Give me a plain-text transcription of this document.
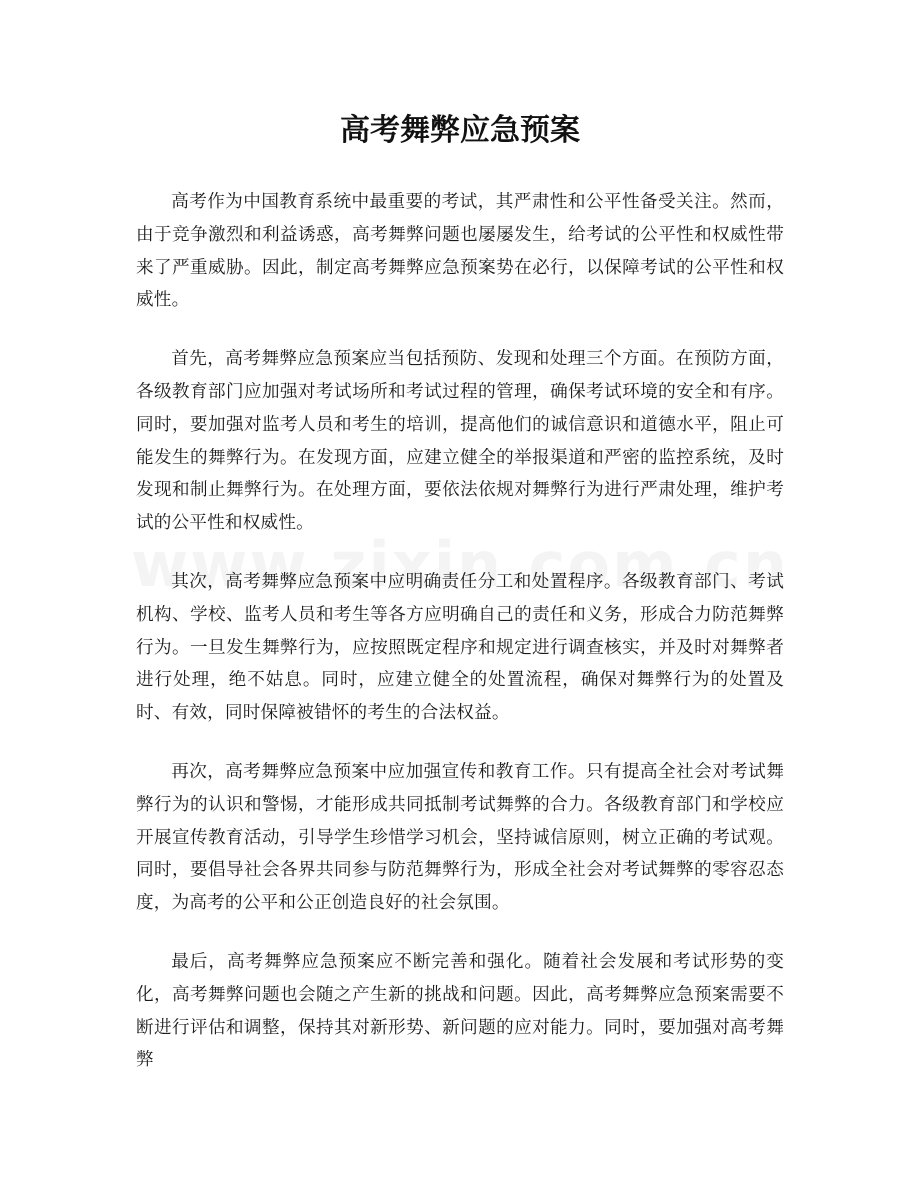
高考舞弊应急预案

高考作为中国教育系统中最重要的考试，其严肃性和公平性备受关注。然而，由于竞争激烈和利益诱惑，高考舞弊问题也屡屡发生，给考试的公平性和权威性带来了严重威胁。因此，制定高考舞弊应急预案势在必行，以保障考试的公平性和权威性。

首先，高考舞弊应急预案应当包括预防、发现和处理三个方面。在预防方面，各级教育部门应加强对考试场所和考试过程的管理，确保考试环境的安全和有序。同时，要加强对监考人员和考生的培训，提高他们的诚信意识和道德水平，阻止可能发生的舞弊行为。在发现方面，应建立健全的举报渠道和严密的监控系统，及时发现和制止舞弊行为。在处理方面，要依法依规对舞弊行为进行严肃处理，维护考试的公平性和权威性。

其次，高考舞弊应急预案中应明确责任分工和处置程序。各级教育部门、考试机构、学校、监考人员和考生等各方应明确自己的责任和义务，形成合力防范舞弊行为。一旦发生舞弊行为，应按照既定程序和规定进行调查核实，并及时对舞弊者进行处理，绝不姑息。同时，应建立健全的处置流程，确保对舞弊行为的处置及时、有效，同时保障被错怀的考生的合法权益。

再次，高考舞弊应急预案中应加强宣传和教育工作。只有提高全社会对考试舞弊行为的认识和警惕，才能形成共同抵制考试舞弊的合力。各级教育部门和学校应开展宣传教育活动，引导学生珍惜学习机会，坚持诚信原则，树立正确的考试观。同时，要倡导社会各界共同参与防范舞弊行为，形成全社会对考试舞弊的零容忍态度，为高考的公平和公正创造良好的社会氛围。

最后，高考舞弊应急预案应不断完善和强化。随着社会发展和考试形势的变化，高考舞弊问题也会随之产生新的挑战和问题。因此，高考舞弊应急预案需要不断进行评估和调整，保持其对新形势、新问题的应对能力。同时，要加强对高考舞弊
